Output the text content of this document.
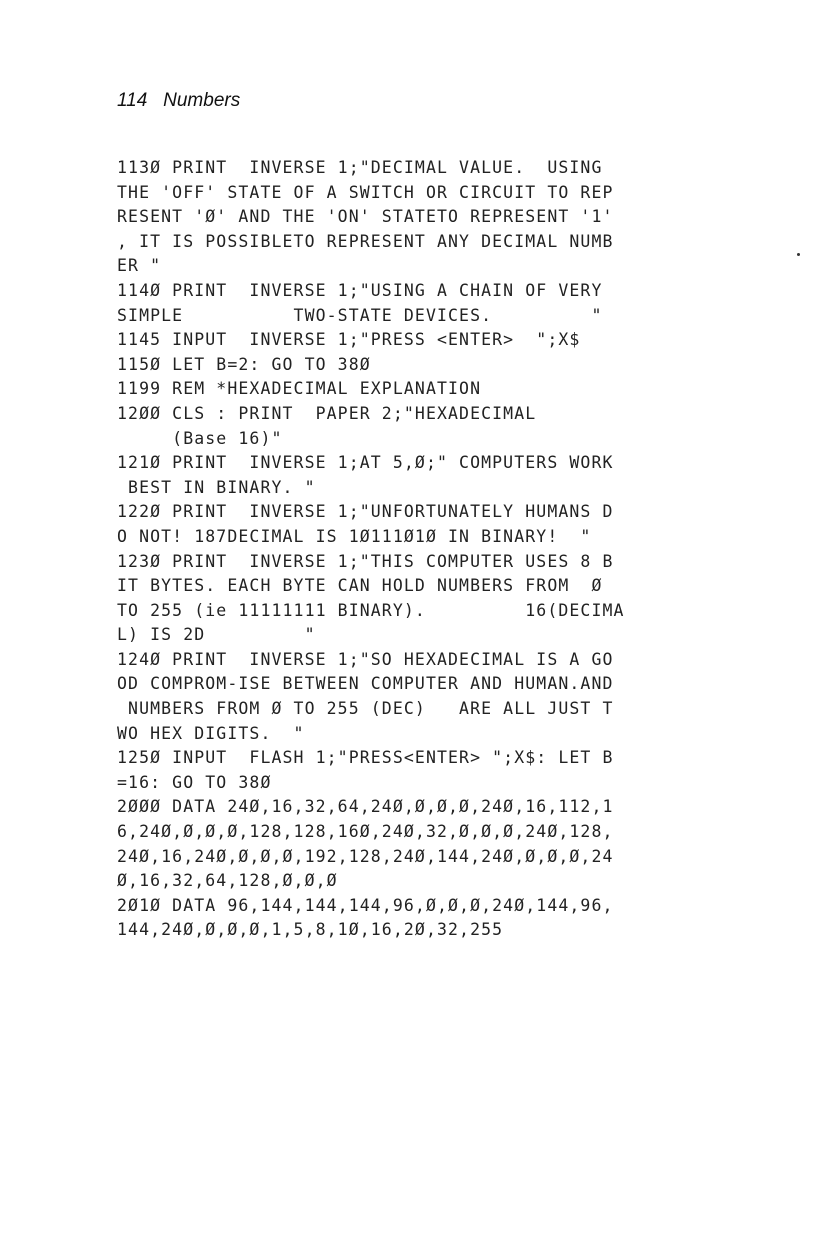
114 Numbers
113Ø PRINT  INVERSE 1;"DECIMAL VALUE.  USING
THE 'OFF' STATE OF A SWITCH OR CIRCUIT TO REP
RESENT 'Ø' AND THE 'ON' STATETO REPRESENT '1'
, IT IS POSSIBLETO REPRESENT ANY DECIMAL NUMB
ER "
114Ø PRINT  INVERSE 1;"USING A CHAIN OF VERY
SIMPLE          TWO-STATE DEVICES.         "
1145 INPUT  INVERSE 1;"PRESS <ENTER>  ";X$
115Ø LET B=2: GO TO 38Ø
1199 REM *HEXADECIMAL EXPLANATION
12ØØ CLS : PRINT  PAPER 2;"HEXADECIMAL
(Base 16)"
121Ø PRINT  INVERSE 1;AT 5,Ø;" COMPUTERS WORK
BEST IN BINARY. "
122Ø PRINT  INVERSE 1;"UNFORTUNATELY HUMANS D
O NOT! 187DECIMAL IS 1Ø111Ø1Ø IN BINARY!  "
123Ø PRINT  INVERSE 1;"THIS COMPUTER USES 8 B
IT BYTES. EACH BYTE CAN HOLD NUMBERS FROM  Ø
TO 255 (ie 11111111 BINARY).         16(DECIMA
L) IS 2D         "
124Ø PRINT  INVERSE 1;"SO HEXADECIMAL IS A GO
OD COMPROM-ISE BETWEEN COMPUTER AND HUMAN.AND
NUMBERS FROM Ø TO 255 (DEC)   ARE ALL JUST T
WO HEX DIGITS.  "
125Ø INPUT  FLASH 1;"PRESS<ENTER> ";X$: LET B
=16: GO TO 38Ø
2ØØØ DATA 24Ø,16,32,64,24Ø,Ø,Ø,Ø,24Ø,16,112,1
6,24Ø,Ø,Ø,Ø,128,128,16Ø,24Ø,32,Ø,Ø,Ø,24Ø,128,
24Ø,16,24Ø,Ø,Ø,Ø,192,128,24Ø,144,24Ø,Ø,Ø,Ø,24
Ø,16,32,64,128,Ø,Ø,Ø
2Ø1Ø DATA 96,144,144,144,96,Ø,Ø,Ø,24Ø,144,96,
144,24Ø,Ø,Ø,Ø,1,5,8,1Ø,16,2Ø,32,255
